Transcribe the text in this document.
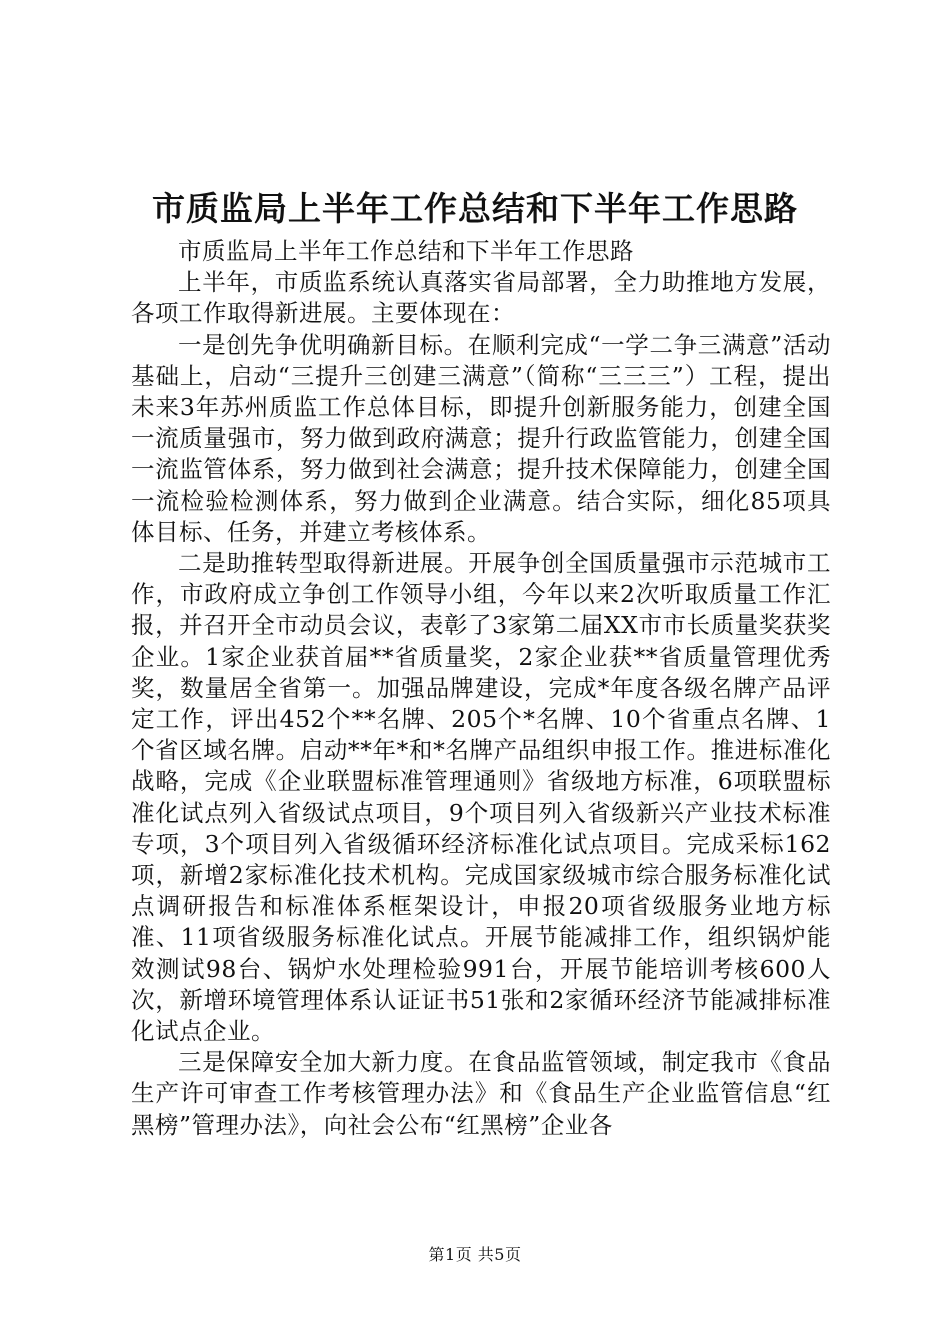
市质监局上半年工作总结和下半年工作思路

市质监局上半年工作总结和下半年工作思路

上半年，市质监系统认真落实省局部署，全力助推地方发展，各项工作取得新进展。主要体现在：

一是创先争优明确新目标。在顺利完成“一学二争三满意”活动基础上，启动“三提升三创建三满意”（简称“三三三”）工程，提出未来3年苏州质监工作总体目标，即提升创新服务能力，创建全国一流质量强市，努力做到政府满意；提升行政监管能力，创建全国一流监管体系，努力做到社会满意；提升技术保障能力，创建全国一流检验检测体系，努力做到企业满意。结合实际，细化85项具体目标、任务，并建立考核体系。

二是助推转型取得新进展。开展争创全国质量强市示范城市工作，市政府成立争创工作领导小组，今年以来2次听取质量工作汇报，并召开全市动员会议，表彰了3家第二届XX市市长质量奖获奖企业。1家企业获首届**省质量奖，2家企业获**省质量管理优秀奖，数量居全省第一。加强品牌建设，完成*年度各级名牌产品评定工作，评出452个**名牌、205个*名牌、10个省重点名牌、1个省区域名牌。启动**年*和*名牌产品组织申报工作。推进标准化战略，完成《企业联盟标准管理通则》省级地方标准，6项联盟标准化试点列入省级试点项目，9个项目列入省级新兴产业技术标准专项，3个项目列入省级循环经济标准化试点项目。完成采标162项，新增2家标准化技术机构。完成国家级城市综合服务标准化试点调研报告和标准体系框架设计，申报20项省级服务业地方标准、11项省级服务标准化试点。开展节能减排工作，组织锅炉能效测试98台、锅炉水处理检验991台，开展节能培训考核600人次，新增环境管理体系认证证书51张和2家循环经济节能减排标准化试点企业。

三是保障安全加大新力度。在食品监管领域，制定我市《食品生产许可审查工作考核管理办法》和《食品生产企业监管信息“红黑榜”管理办法》，向社会公布“红黑榜”企业各

第1页 共5页
